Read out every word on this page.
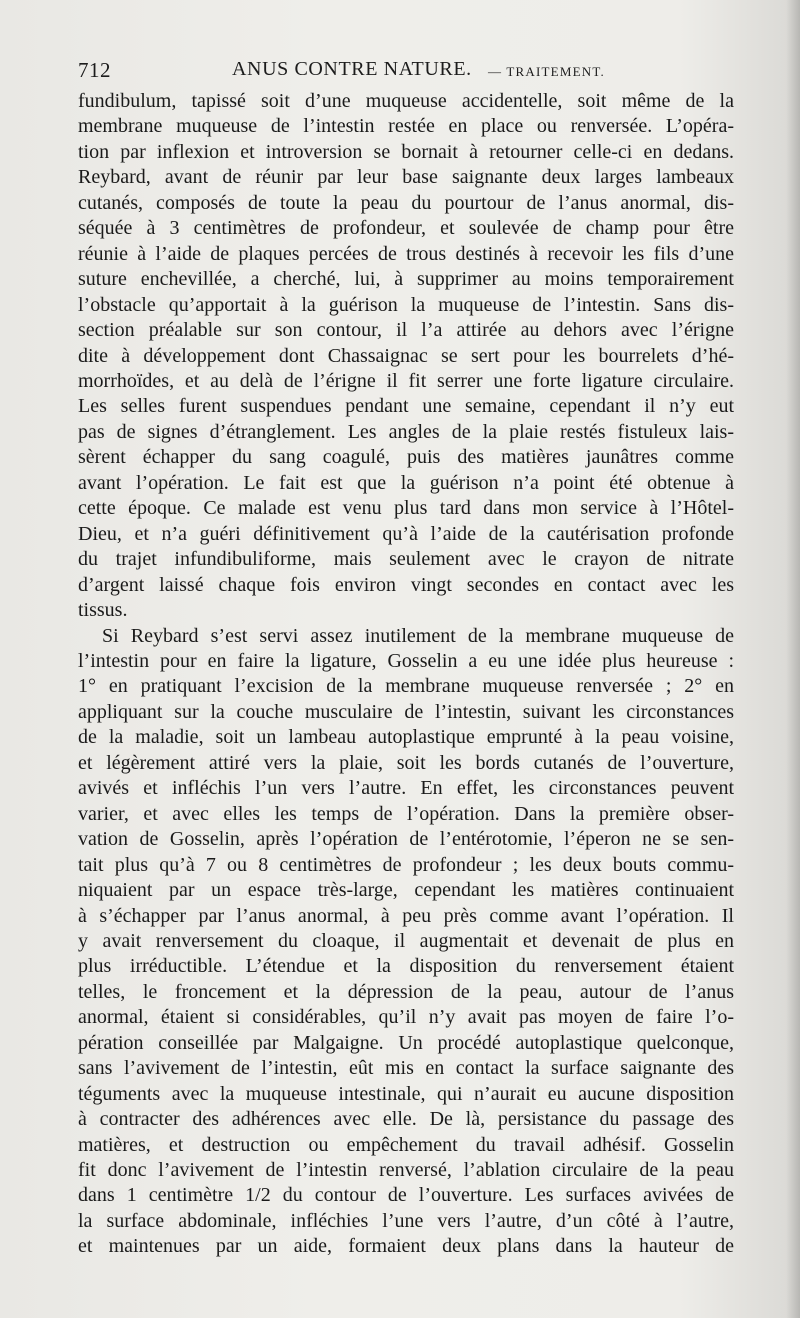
712	ANUS CONTRE NATURE. — TRAITEMENT.

fundibulum, tapissé soit d’une muqueuse accidentelle, soit même de la
membrane muqueuse de l’intestin restée en place ou renversée. L’opéra-
tion par inflexion et introversion se bornait à retourner celle-ci en dedans.
Reybard, avant de réunir par leur base saignante deux larges lambeaux
cutanés, composés de toute la peau du pourtour de l’anus anormal, dis-
séquée à 3 centimètres de profondeur, et soulevée de champ pour être
réunie à l’aide de plaques percées de trous destinés à recevoir les fils d’une
suture enchevillée, a cherché, lui, à supprimer au moins temporairement
l’obstacle qu’apportait à la guérison la muqueuse de l’intestin. Sans dis-
section préalable sur son contour, il l’a attirée au dehors avec l’érigne
dite à développement dont Chassaignac se sert pour les bourrelets d’hé-
morrhoïdes, et au delà de l’érigne il fit serrer une forte ligature circulaire.
Les selles furent suspendues pendant une semaine, cependant il n’y eut
pas de signes d’étranglement. Les angles de la plaie restés fistuleux lais-
sèrent échapper du sang coagulé, puis des matières jaunâtres comme
avant l’opération. Le fait est que la guérison n’a point été obtenue à
cette époque. Ce malade est venu plus tard dans mon service à l’Hôtel-
Dieu, et n’a guéri définitivement qu’à l’aide de la cautérisation profonde
du trajet infundibuliforme, mais seulement avec le crayon de nitrate
d’argent laissé chaque fois environ vingt secondes en contact avec les
tissus.

Si Reybard s’est servi assez inutilement de la membrane muqueuse de
l’intestin pour en faire la ligature, Gosselin a eu une idée plus heureuse :
1° en pratiquant l’excision de la membrane muqueuse renversée ; 2° en
appliquant sur la couche musculaire de l’intestin, suivant les circonstances
de la maladie, soit un lambeau autoplastique emprunté à la peau voisine,
et légèrement attiré vers la plaie, soit les bords cutanés de l’ouverture,
avivés et infléchis l’un vers l’autre. En effet, les circonstances peuvent
varier, et avec elles les temps de l’opération. Dans la première obser-
vation de Gosselin, après l’opération de l’entérotomie, l’éperon ne se sen-
tait plus qu’à 7 ou 8 centimètres de profondeur ; les deux bouts commu-
niquaient par un espace très-large, cependant les matières continuaient
à s’échapper par l’anus anormal, à peu près comme avant l’opération. Il
y avait renversement du cloaque, il augmentait et devenait de plus en
plus irréductible. L’étendue et la disposition du renversement étaient
telles, le froncement et la dépression de la peau, autour de l’anus
anormal, étaient si considérables, qu’il n’y avait pas moyen de faire l’o-
pération conseillée par Malgaigne. Un procédé autoplastique quelconque,
sans l’avivement de l’intestin, eût mis en contact la surface saignante des
téguments avec la muqueuse intestinale, qui n’aurait eu aucune disposition
à contracter des adhérences avec elle. De là, persistance du passage des
matières, et destruction ou empêchement du travail adhésif. Gosselin
fit donc l’avivement de l’intestin renversé, l’ablation circulaire de la peau
dans 1 centimètre 1/2 du contour de l’ouverture. Les surfaces avivées de
la surface abdominale, infléchies l’une vers l’autre, d’un côté à l’autre,
et maintenues par un aide, formaient deux plans dans la hauteur de
